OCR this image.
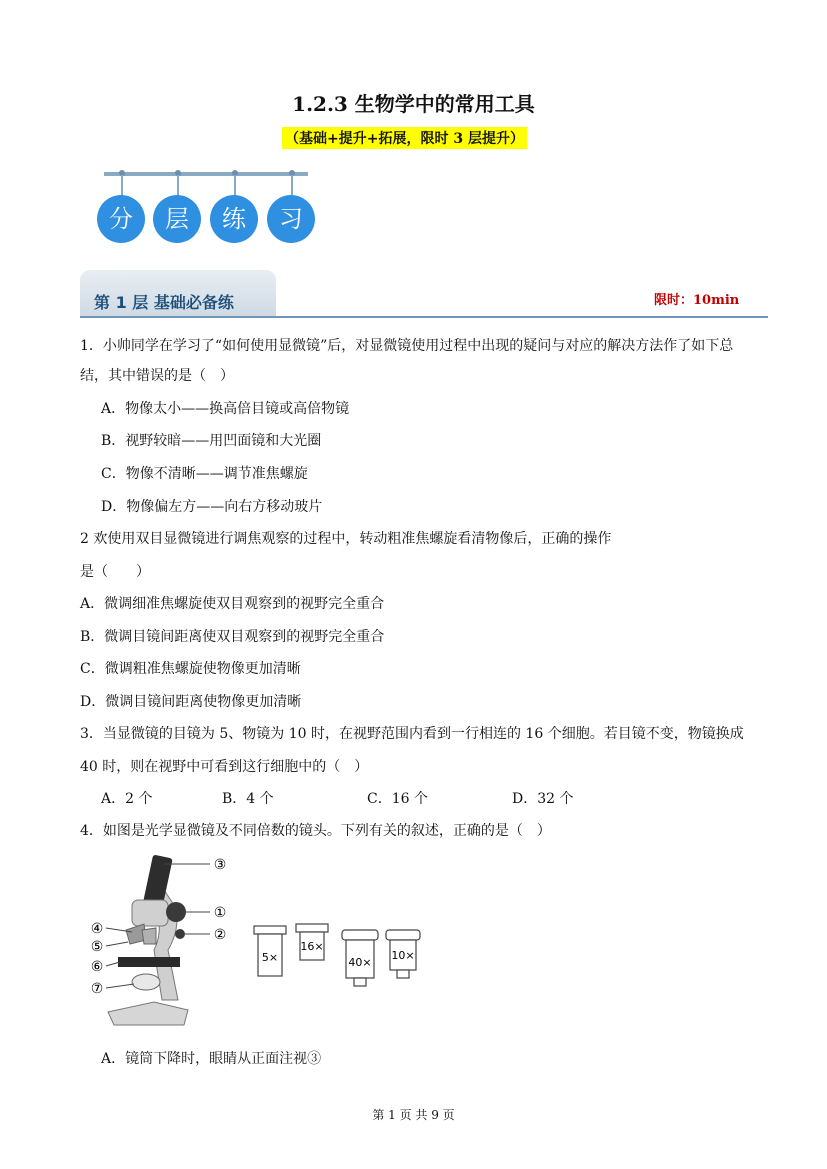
1.2.3 生物学中的常用工具
（基础+提升+拓展，限时 3 层提升）
分	层	练	习
第 1 层 基础必备练	限时：10min
1．小帅同学在学习了“如何使用显微镜”后，对显微镜使用过程中出现的疑问与对应的解决方法作了如下总
结，其中错误的是（　）
A．物像太小——换高倍目镜或高倍物镜
B．视野较暗——用凹面镜和大光圈
C．物像不清晰——调节准焦螺旋
D．物像偏左方——向右方移动玻片
2 欢使用双目显微镜进行调焦观察的过程中，转动粗准焦螺旋看清物像后，正确的操作
是（　　）
A．微调细准焦螺旋使双目观察到的视野完全重合
B．微调目镜间距离使双目观察到的视野完全重合
C．微调粗准焦螺旋使物像更加清晰
D．微调目镜间距离使物像更加清晰
3．当显微镜的目镜为 5、物镜为 10 时，在视野范围内看到一行相连的 16 个细胞。若目镜不变，物镜换成
40 时，则在视野中可看到这行细胞中的（　）
A．2 个	B．4 个	C．16 个	D．32 个
4．如图是光学显微镜及不同倍数的镜头。下列有关的叙述，正确的是（　）
③
①
②
④
⑤
⑥
⑦
5×
16×
40×
10×
A．镜筒下降时，眼睛从正面注视③
第 1 页 共 9 页
